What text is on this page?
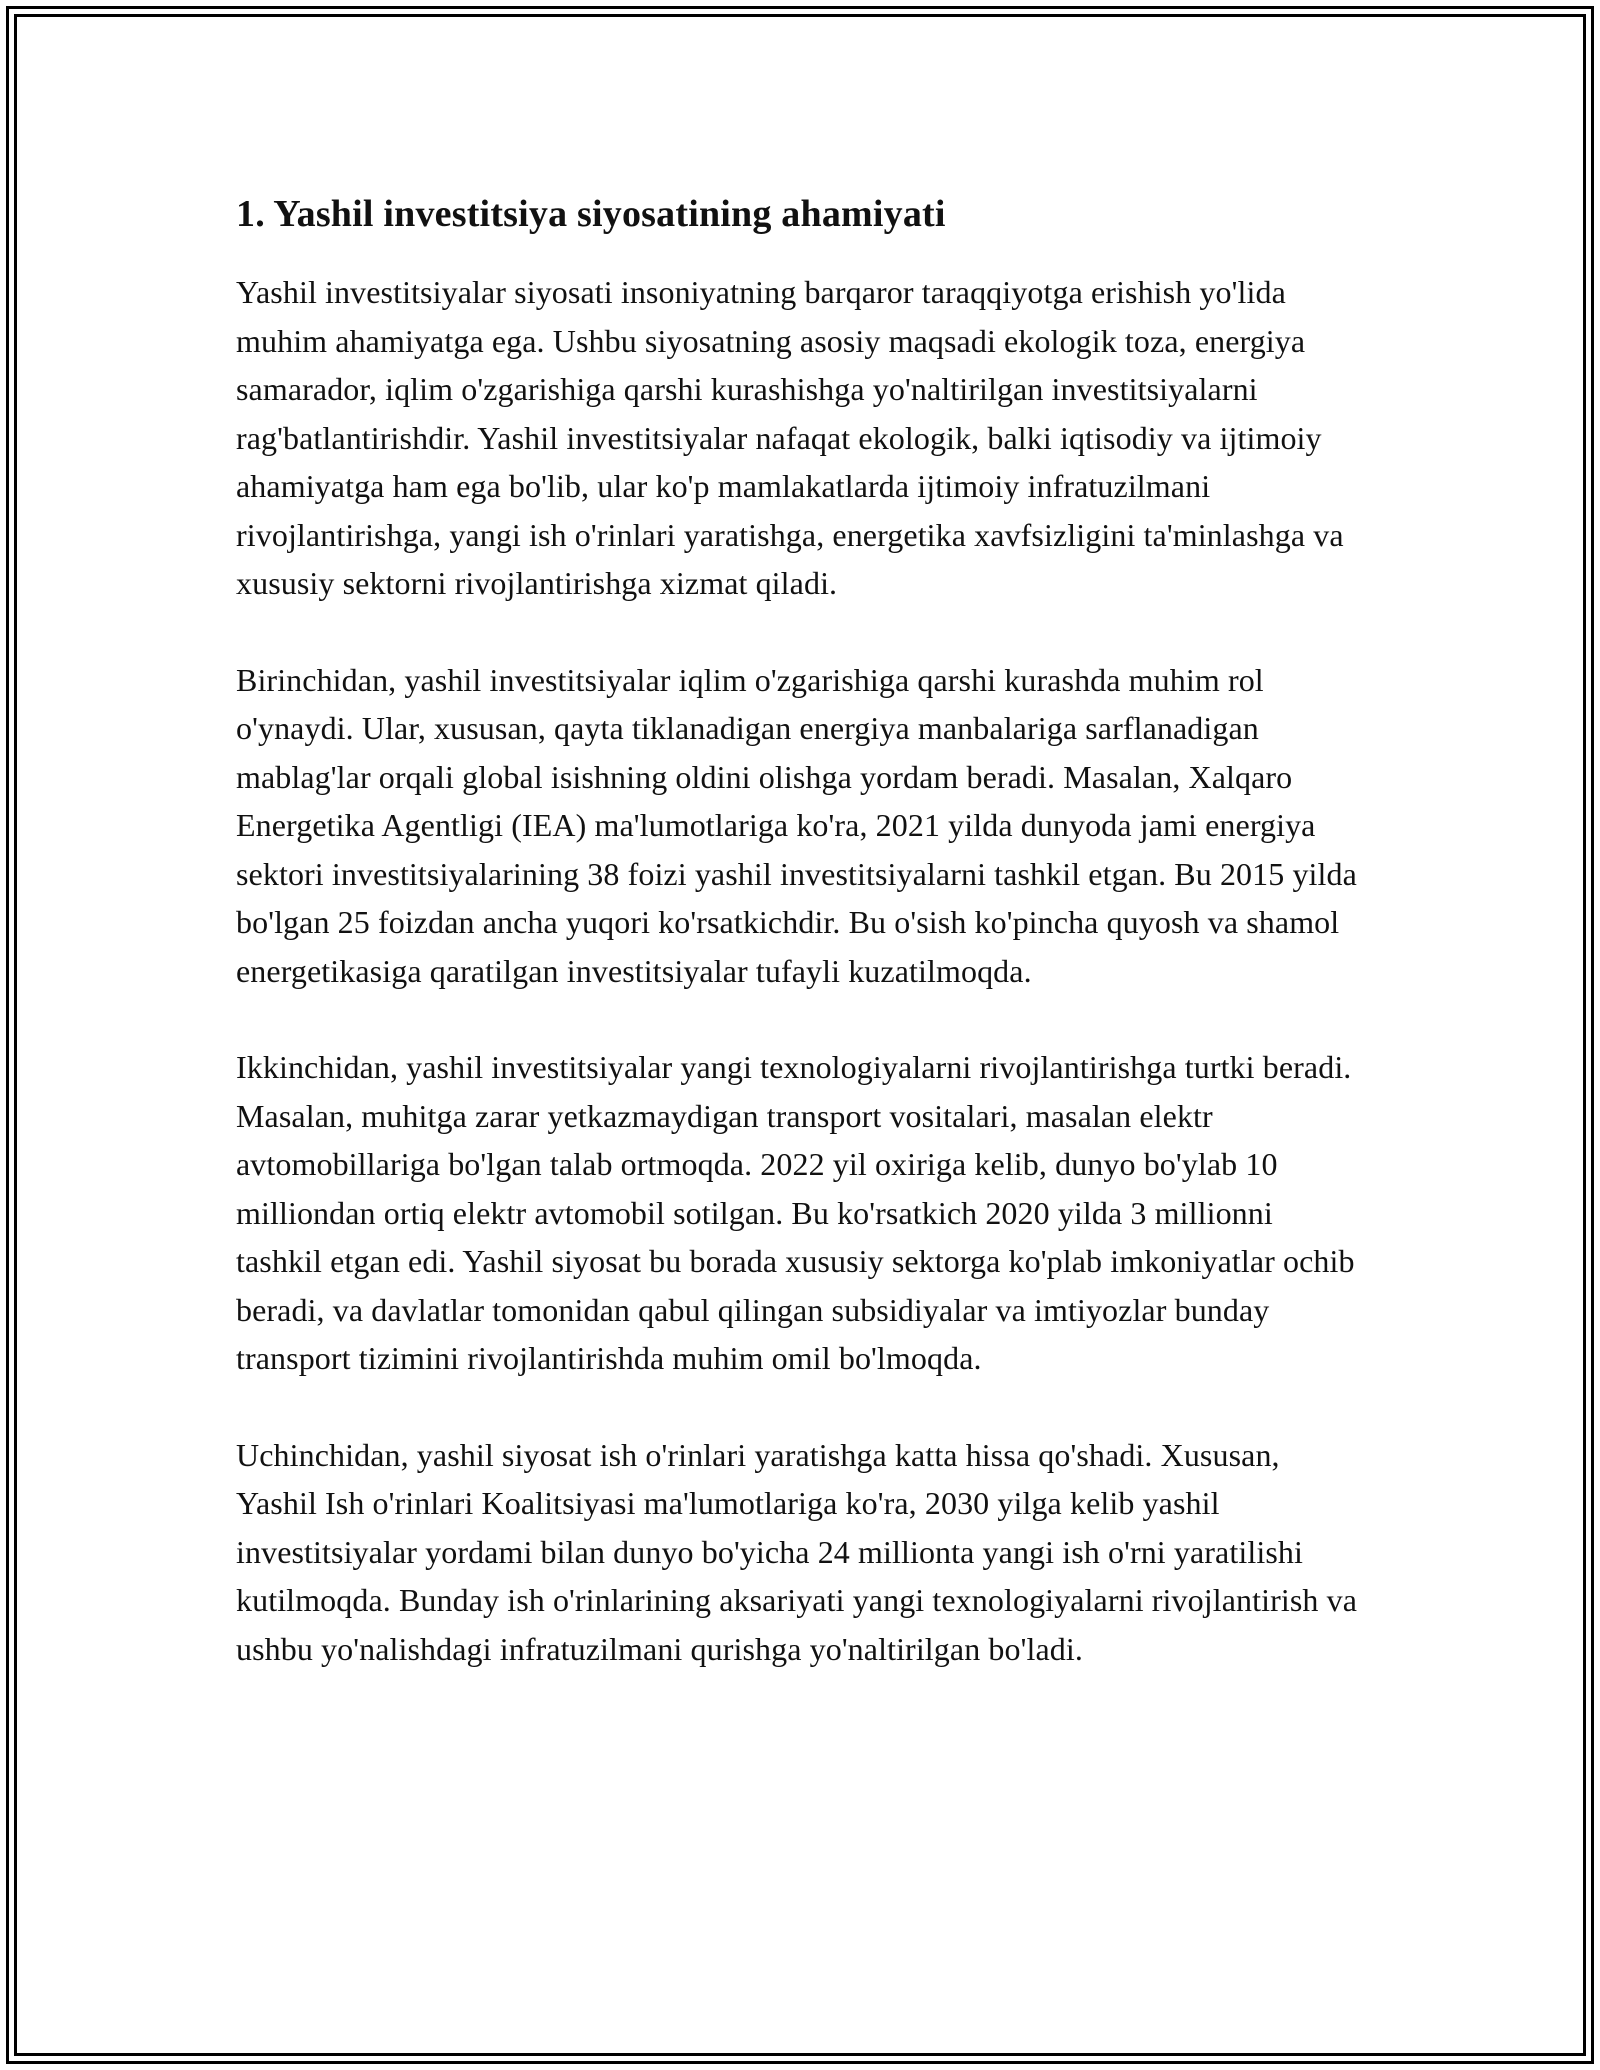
1. Yashil investitsiya siyosatining ahamiyati

Yashil investitsiyalar siyosati insoniyatning barqaror taraqqiyotga erishish yo'lida muhim ahamiyatga ega. Ushbu siyosatning asosiy maqsadi ekologik toza, energiya samarador, iqlim o'zgarishiga qarshi kurashishga yo'naltirilgan investitsiyalarni rag'batlantirishdir. Yashil investitsiyalar nafaqat ekologik, balki iqtisodiy va ijtimoiy ahamiyatga ham ega bo'lib, ular ko'p mamlakatlarda ijtimoiy infratuzilmani rivojlantirishga, yangi ish o'rinlari yaratishga, energetika xavfsizligini ta'minlashga va xususiy sektorni rivojlantirishga xizmat qiladi.

Birinchidan, yashil investitsiyalar iqlim o'zgarishiga qarshi kurashda muhim rol o'ynaydi. Ular, xususan, qayta tiklanadigan energiya manbalariga sarflanadigan mablag'lar orqali global isishning oldini olishga yordam beradi. Masalan, Xalqaro Energetika Agentligi (IEA) ma'lumotlariga ko'ra, 2021 yilda dunyoda jami energiya sektori investitsiyalarining 38 foizi yashil investitsiyalarni tashkil etgan. Bu 2015 yilda bo'lgan 25 foizdan ancha yuqori ko'rsatkichdir. Bu o'sish ko'pincha quyosh va shamol energetikasiga qaratilgan investitsiyalar tufayli kuzatilmoqda.

Ikkinchidan, yashil investitsiyalar yangi texnologiyalarni rivojlantirishga turtki beradi. Masalan, muhitga zarar yetkazmaydigan transport vositalari, masalan elektr avtomobillariga bo'lgan talab ortmoqda. 2022 yil oxiriga kelib, dunyo bo'ylab 10 milliondan ortiq elektr avtomobil sotilgan. Bu ko'rsatkich 2020 yilda 3 millionni tashkil etgan edi. Yashil siyosat bu borada xususiy sektorga ko'plab imkoniyatlar ochib beradi, va davlatlar tomonidan qabul qilingan subsidiyalar va imtiyozlar bunday transport tizimini rivojlantirishda muhim omil bo'lmoqda.

Uchinchidan, yashil siyosat ish o'rinlari yaratishga katta hissa qo'shadi. Xususan, Yashil Ish o'rinlari Koalitsiyasi ma'lumotlariga ko'ra, 2030 yilga kelib yashil investitsiyalar yordami bilan dunyo bo'yicha 24 millionta yangi ish o'rni yaratilishi kutilmoqda. Bunday ish o'rinlarining aksariyati yangi texnologiyalarni rivojlantirish va ushbu yo'nalishdagi infratuzilmani qurishga yo'naltirilgan bo'ladi.
